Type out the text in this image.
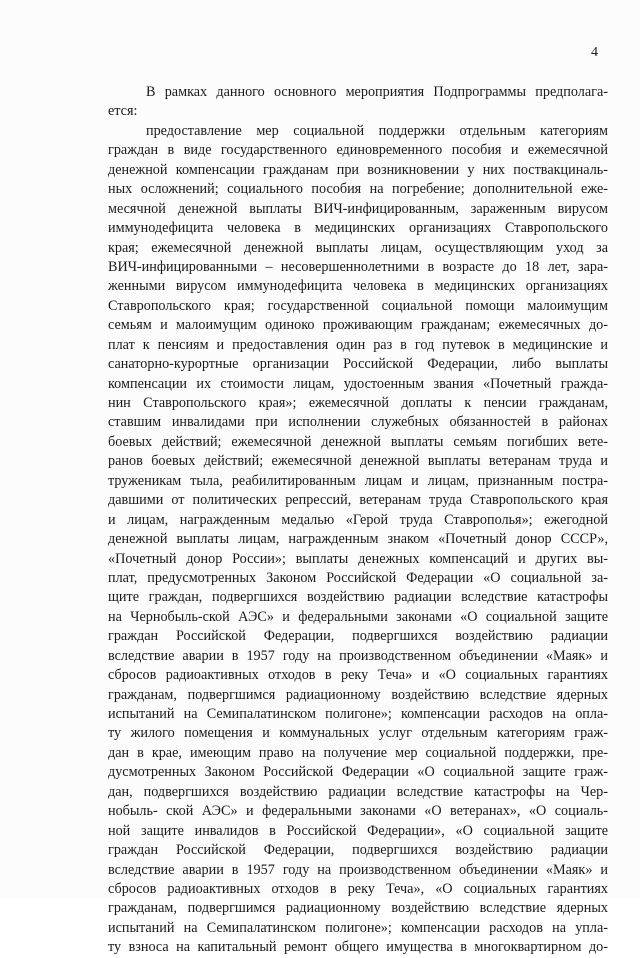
4
В рамках данного основного мероприятия Подпрограммы предполага-
ется:
предоставление мер социальной поддержки отдельным категориям
граждан в виде государственного единовременного пособия и ежемесячной
денежной компенсации гражданам при возникновении у них поствакциналь-
ных осложнений; социального пособия на погребение; дополнительной еже-
месячной денежной выплаты ВИЧ-инфицированным, зараженным вирусом
иммунодефицита человека в медицинских организациях Ставропольского
края; ежемесячной денежной выплаты лицам, осуществляющим уход за
ВИЧ-инфицированными – несовершеннолетними в возрасте до 18 лет, зара-
женными вирусом иммунодефицита человека в медицинских организациях
Ставропольского края; государственной социальной помощи малоимущим
семьям и малоимущим одиноко проживающим гражданам; ежемесячных до-
плат к пенсиям и предоставления один раз в год путевок в медицинские и
санаторно-курортные организации Российской Федерации, либо выплаты
компенсации их стоимости лицам, удостоенным звания «Почетный гражда-
нин Ставропольского края»; ежемесячной доплаты к пенсии гражданам,
ставшим инвалидами при исполнении служебных обязанностей в районах
боевых действий; ежемесячной денежной выплаты семьям погибших вете-
ранов боевых действий; ежемесячной денежной выплаты ветеранам труда и
труженикам тыла, реабилитированным лицам и лицам, признанным постра-
давшими от политических репрессий, ветеранам труда Ставропольского края
и лицам, награжденным медалью «Герой труда Ставрополья»; ежегодной
денежной выплаты лицам, награжденным знаком «Почетный донор СССР»,
«Почетный донор России»; выплаты денежных компенсаций и других вы-
плат, предусмотренных Законом Российской Федерации «О социальной за-
щите граждан, подвергшихся воздействию радиации вследствие катастрофы
на Чернобыль-ской АЭС» и федеральными законами «О социальной защите
граждан Российской Федерации, подвергшихся воздействию радиации
вследствие аварии в 1957 году на производственном объединении «Маяк» и
сбросов радиоактивных отходов в реку Теча» и «О социальных гарантиях
гражданам, подвергшимся радиационному воздействию вследствие ядерных
испытаний на Семипалатинском полигоне»; компенсации расходов на опла-
ту жилого помещения и коммунальных услуг отдельным категориям граж-
дан в крае, имеющим право на получение мер социальной поддержки, пре-
дусмотренных Законом Российской Федерации «О социальной защите граж-
дан, подвергшихся воздействию радиации вследствие катастрофы на Чер-
нобыль- ской АЭС» и федеральными законами «О ветеранах», «О социаль-
ной защите инвалидов в Российской Федерации», «О социальной защите
граждан Российской Федерации, подвергшихся воздействию радиации
вследствие аварии в 1957 году на производственном объединении «Маяк» и
сбросов радиоактивных отходов в реку Теча», «О социальных гарантиях
гражданам, подвергшимся радиационному воздействию вследствие ядерных
испытаний на Семипалатинском полигоне»; компенсации расходов на упла-
ту взноса на капитальный ремонт общего имущества в многоквартирном до-
